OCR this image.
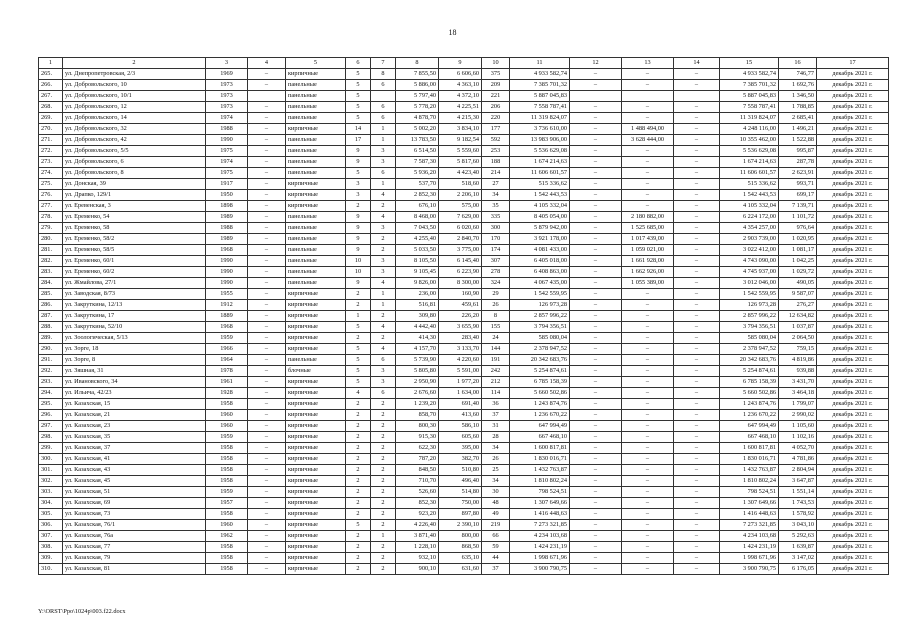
18
1	2	3	4	5	6	7	8	9	10	11	12	13	14	15	16	17
265.	ул. Днепропетровская, 2/3	1969	–	кирпичные	5	8	7 855,50	6 606,60	375	4 933 582,74	–	–	–	4 933 582,74	746,77	декабрь 2021 г.
266.	ул. Добровольского, 10	1973	–	панельные	5	6	5 886,00	4 363,10	209	7 385 701,32	–	–	–	7 385 701,32	1 692,76	декабрь 2021 г.
267.	ул. Добровольского, 10/1	1973		панельные	5		5 797,40	4 372,10	221	5 887 045,83				5 887 045,83	1 346,50	декабрь 2021 г.
268.	ул. Добровольского, 12	1973	–	панельные	5	6	5 778,20	4 225,51	206	7 558 787,41	–	–	–	7 558 787,41	1 788,85	декабрь 2021 г.
269.	ул. Добровольского, 14	1974	–	панельные	5	6	4 878,70	4 215,30	220	11 319 824,07	–	–	–	11 319 824,07	2 685,41	декабрь 2021 г.
270.	ул. Добровольского, 32	1988	–	кирпичные	14	1	5 002,20	3 834,10	177	3 736 610,00	–	1 488 494,00	–	4 248 116,00	1 496,21	декабрь 2021 г.
271.	ул. Добровольского, 42	1990	–	панельные	17	1	13 783,50	9 182,54	592	13 983 906,00	–	3 628 444,00	–	10 355 462,00	1 522,88	декабрь 2021 г.
272.	ул. Добровольского, 5/5	1975	–	панельные	9	3	6 514,50	5 559,60	253	5 536 629,08	–	–	–	5 536 629,08	995,87	декабрь 2021 г.
273.	ул. Добровольского, 6	1974	–	панельные	9	3	7 587,30	5 817,60	188	1 674 214,63	–	–	–	1 674 214,63	287,78	декабрь 2021 г.
274.	ул. Добровольского, 8	1975	–	панельные	5	6	5 936,20	4 423,40	214	11 606 601,57	–	–	–	11 606 601,57	2 623,91	декабрь 2021 г.
275.	ул. Донская, 39	1917	–	кирпичные	3	1	537,70	518,60	27	515 336,62	–	–	–	515 336,62	993,71	декабрь 2021 г.
276.	ул. Драпко, 129/1	1950	–	кирпичные	3	4	2 852,30	2 206,10	34	1 542 443,53	–	–	–	1 542 443,53	699,17	декабрь 2021 г.
277.	ул. Еревенская, 3	1898	–	кирпичные	2	2	676,10	575,00	35	4 105 332,04	–	–	–	4 105 332,04	7 139,71	декабрь 2021 г.
278.	ул. Еременко, 54	1989	–	панельные	9	4	8 468,00	7 629,00	335	8 405 054,00	–	2 180 882,00	–	6 224 172,00	1 101,72	декабрь 2021 г.
279.	ул. Еременко, 58	1988	–	панельные	9	3	7 043,50	6 020,60	300	5 879 942,00	–	1 525 685,00	–	4 354 257,00	976,64	декабрь 2021 г.
280.	ул. Еременко, 58/2	1989	–	панельные	9	2	4 255,40	2 840,70	170	3 921 178,00	–	1 017 439,00	–	2 903 739,00	1 020,95	декабрь 2021 г.
281.	ул. Еременко, 58/5	1968	–	панельные	9	2	5 033,50	3 775,00	174	4 081 433,00	–	1 059 021,00	–	3 022 412,00	1 081,17	декабрь 2021 г.
282.	ул. Еременко, 60/1	1990	–	панельные	10	3	8 105,50	6 145,40	307	6 405 018,00	–	1 661 928,00	–	4 743 090,00	1 042,25	декабрь 2021 г.
283.	ул. Еременко, 60/2	1990	–	панельные	10	3	9 105,45	6 223,90	278	6 408 863,00	–	1 662 926,00	–	4 745 937,00	1 029,72	декабрь 2021 г.
284.	ул. Жмайлова, 27/1	1990	–	панельные	9	4	9 826,00	8 300,00	324	4 067 435,00	–	1 055 389,00	–	3 012 046,00	490,05	декабрь 2021 г.
285.	ул. Заводская, 8/73	1955	–	кирпичные	2	1	236,00	160,90	29	1 542 559,95	–	–	–	1 542 559,95	9 587,07	декабрь 2021 г.
286.	ул. Закруткина, 12/13	1912	–	кирпичные	2	1	516,81	459,61	26	126 973,28	–	–	–	126 973,28	276,27	декабрь 2021 г.
287.	ул. Закруткина, 17	1889	–	кирпичные	1	2	309,80	226,20	8	2 857 996,22	–	–	–	2 857 996,22	12 634,82	декабрь 2021 г.
288.	ул. Закруткина, 52/10	1968	–	кирпичные	5	4	4 442,40	3 655,90	155	3 794 356,51	–	–	–	3 794 356,51	1 037,87	декабрь 2021 г.
289.	ул. Зоологическая, 5/13	1959	–	кирпичные	2	2	414,30	283,40	24	585 080,04	–	–	–	585 080,04	2 064,50	декабрь 2021 г.
290.	ул. Зорге, 18	1966	–	кирпичные	5	4	4 157,70	3 133,70	144	2 378 947,52	–	–	–	2 378 947,52	759,15	декабрь 2021 г.
291.	ул. Зорге, 8	1964	–	панельные	5	6	5 739,90	4 220,60	191	20 342 683,76	–	–	–	20 342 683,76	4 819,86	декабрь 2021 г.
292.	ул. Зяшная, 31	1978	–	блочные	5	3	5 805,80	5 591,00	242	5 254 874,61	–	–	–	5 254 874,61	939,88	декабрь 2021 г.
293.	ул. Ивановского, 34	1961	–	кирпичные	5	3	2 950,90	1 977,20	212	6 785 158,39	–	–	–	6 785 158,39	3 431,70	декабрь 2021 г.
294.	ул. Ильича, 42/23	1928	–	кирпичные	4	6	2 676,60	1 634,00	114	5 660 502,86	–	–	–	5 660 502,86	3 464,18	декабрь 2021 г.
295.	ул. Казахская, 15	1958	–	кирпичные	2	2	1 239,20	691,40	36	1 243 874,76	–	–	–	1 243 874,76	1 799,07	декабрь 2021 г.
296.	ул. Казахская, 21	1960	–	кирпичные	2	2	858,70	413,60	37	1 236 670,22	–	–	–	1 236 670,22	2 990,02	декабрь 2021 г.
297.	ул. Казахская, 23	1960	–	кирпичные	2	2	800,30	586,10	31	647 994,49	–	–	–	647 994,49	1 105,60	декабрь 2021 г.
298.	ул. Казахская, 35	1959	–	кирпичные	2	2	915,30	605,60	28	667 468,10	–	–	–	667 468,10	1 102,16	декабрь 2021 г.
299.	ул. Казахская, 37	1958	–	кирпичные	2	2	622,30	395,00	34	1 600 817,81	–	–	–	1 600 817,81	4 052,70	декабрь 2021 г.
300.	ул. Казахская, 41	1958	–	кирпичные	2	2	787,20	382,70	26	1 830 016,71	–	–	–	1 830 016,71	4 781,86	декабрь 2021 г.
301.	ул. Казахская, 43	1958	–	кирпичные	2	2	848,50	510,80	25	1 432 763,87	–	–	–	1 432 763,87	2 804,94	декабрь 2021 г.
302.	ул. Казахская, 45	1958	–	кирпичные	2	2	710,70	496,40	34	1 810 802,24	–	–	–	1 810 802,24	3 647,87	декабрь 2021 г.
303.	ул. Казахская, 51	1959	–	кирпичные	2	2	526,60	514,80	30	798 524,51	–	–	–	798 524,51	1 551,14	декабрь 2021 г.
304.	ул. Казахская, 69	1957	–	кирпичные	2	2	852,30	750,00	48	1 307 649,66	–	–	–	1 307 649,66	1 743,53	декабрь 2021 г.
305.	ул. Казахская, 73	1958	–	кирпичные	2	2	923,20	897,80	49	1 416 448,63	–	–	–	1 416 448,63	1 578,92	декабрь 2021 г.
306.	ул. Казахская, 76/1	1960	–	кирпичные	5	2	4 226,40	2 390,10	219	7 273 321,85	–	–	–	7 273 321,85	3 043,10	декабрь 2021 г.
307.	ул. Казахская, 76а	1962	–	кирпичные	2	1	3 871,40	800,00	66	4 234 103,68	–	–	–	4 234 103,68	5 292,63	декабрь 2021 г.
308.	ул. Казахская, 77	1958	–	кирпичные	2	2	1 228,10	868,50	59	1 424 231,19	–	–	–	1 424 231,19	1 639,87	декабрь 2021 г.
309.	ул. Казахская, 79	1958	–	кирпичные	2	2	932,10	635,10	44	1 998 671,96	–	–	–	1 998 671,96	3 147,02	декабрь 2021 г.
310.	ул. Казахская, 81	1958	–	кирпичные	2	2	900,10	631,60	37	3 900 790,75	–	–	–	3 900 790,75	6 176,05	декабрь 2021 г.
Y:\ORST\Ppo\1024p\003.f22.docx
